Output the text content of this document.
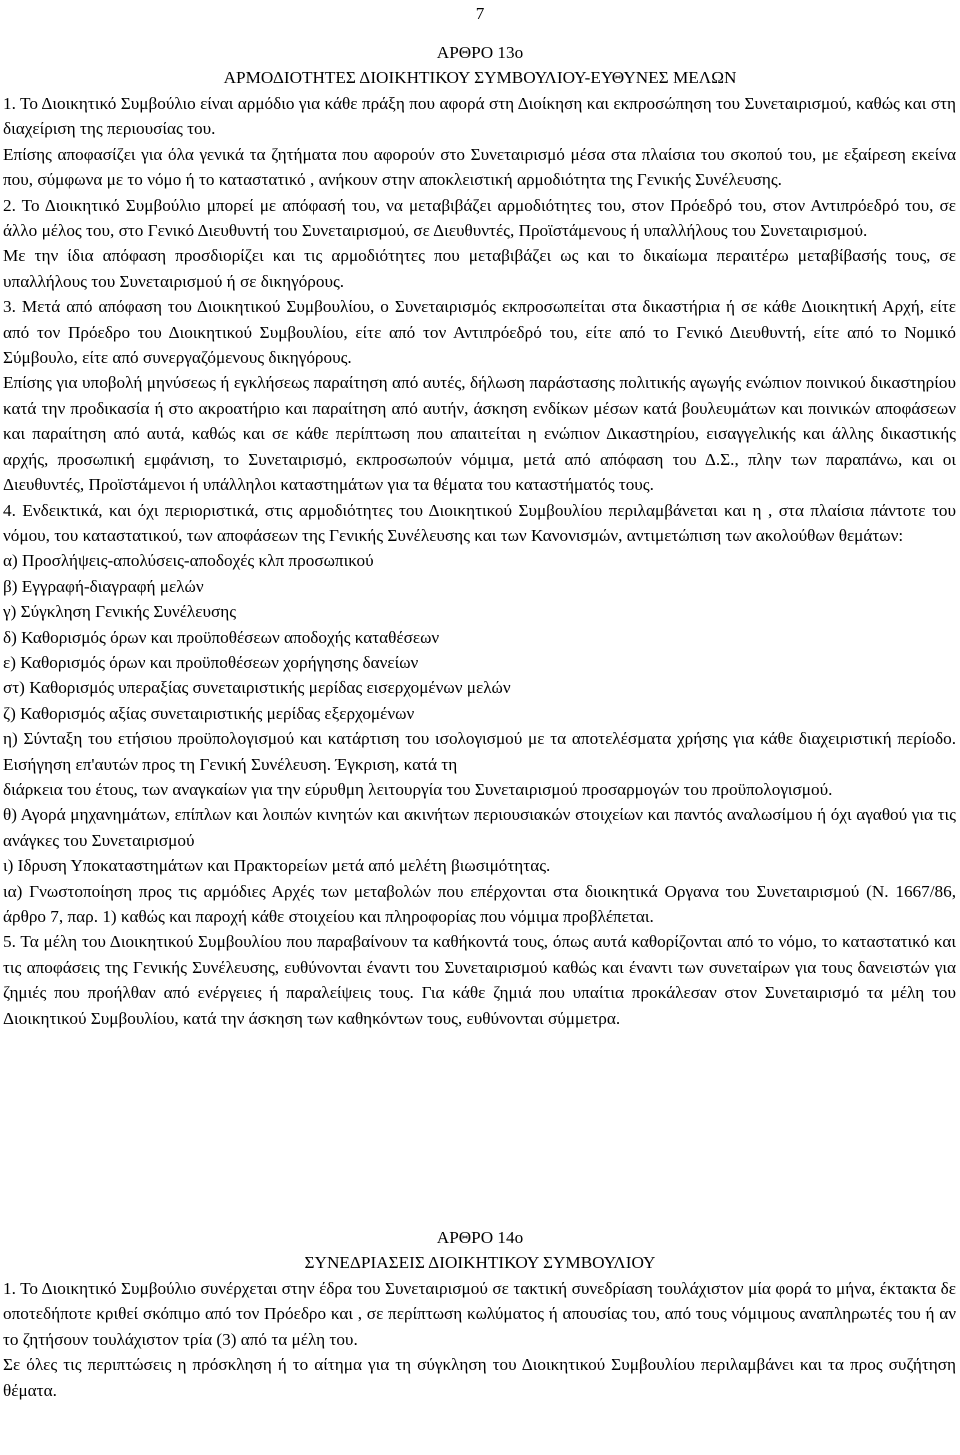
7

ΑΡΘΡΟ 13ο

ΑΡΜΟΔΙΟΤΗΤΕΣ ΔΙΟΙΚΗΤΙΚΟΥ ΣΥΜΒΟΥΛΙΟΥ-ΕΥΘΥΝΕΣ ΜΕΛΩΝ

1. Το Διοικητικό Συμβούλιο είναι αρμόδιο για κάθε πράξη που αφορά στη Διοίκηση και εκπροσώπηση του Συνεταιρισμού, καθώς και στη διαχείριση της περιουσίας του.

Επίσης αποφασίζει για όλα γενικά τα ζητήματα που αφορούν στο Συνεταιρισμό μέσα στα πλαίσια του σκοπού του, με εξαίρεση εκείνα που, σύμφωνα με το νόμο ή το καταστατικό , ανήκουν στην αποκλειστική αρμοδιότητα της Γενικής Συνέλευσης.

2. Το Διοικητικό Συμβούλιο μπορεί με απόφασή του, να μεταβιβάζει αρμοδιότητες του, στον Πρόεδρό του, στον Αντιπρόεδρό του, σε άλλο μέλος του, στο Γενικό Διευθυντή του Συνεταιρισμού, σε Διευθυντές, Προϊστάμενους ή υπαλλήλους του Συνεταιρισμού.

Με την ίδια απόφαση προσδιορίζει και τις αρμοδιότητες που μεταβιβάζει ως και το δικαίωμα περαιτέρω μεταβίβασής τους, σε υπαλλήλους του Συνεταιρισμού ή σε δικηγόρους.

3. Μετά από απόφαση του Διοικητικού Συμβουλίου, ο Συνεταιρισμός εκπροσωπείται στα δικαστήρια ή σε κάθε Διοικητική Αρχή, είτε από τον Πρόεδρο του Διοικητικού Συμβουλίου, είτε από τον Αντιπρόεδρό του, είτε από το Γενικό Διευθυντή, είτε από το Νομικό Σύμβουλο, είτε από συνεργαζόμενους δικηγόρους.

Επίσης για υποβολή μηνύσεως ή εγκλήσεως παραίτηση από αυτές, δήλωση παράστασης πολιτικής αγωγής ενώπιον ποινικού δικαστηρίου κατά την προδικασία ή στο ακροατήριο και παραίτηση από αυτήν, άσκηση ενδίκων μέσων κατά βουλευμάτων και ποινικών αποφάσεων και παραίτηση από αυτά, καθώς και σε κάθε περίπτωση που απαιτείται η ενώπιον Δικαστηρίου, εισαγγελικής και άλλης δικαστικής αρχής, προσωπική εμφάνιση, το Συνεταιρισμό, εκπροσωπούν νόμιμα, μετά από απόφαση του Δ.Σ., πλην των παραπάνω, και οι Διευθυντές, Προϊστάμενοι ή υπάλληλοι καταστημάτων για τα θέματα του καταστήματός τους.

4. Ενδεικτικά, και όχι περιοριστικά, στις αρμοδιότητες του Διοικητικού Συμβουλίου περιλαμβάνεται και η , στα πλαίσια πάντοτε του νόμου, του καταστατικού, των αποφάσεων της Γενικής Συνέλευσης και των Κανονισμών, αντιμετώπιση των ακολούθων θεμάτων:

α) Προσλήψεις-απολύσεις-αποδοχές κλπ προσωπικού

β) Εγγραφή-διαγραφή μελών

γ) Σύγκληση Γενικής Συνέλευσης

δ) Καθορισμός όρων και προϋποθέσεων αποδοχής καταθέσεων

ε) Καθορισμός όρων και προϋποθέσεων χορήγησης δανείων

στ) Καθορισμός υπεραξίας συνεταιριστικής μερίδας εισερχομένων μελών

ζ) Καθορισμός αξίας συνεταιριστικής μερίδας εξερχομένων

η) Σύνταξη του ετήσιου προϋπολογισμού και κατάρτιση του ισολογισμού με τα αποτελέσματα χρήσης για κάθε διαχειριστική περίοδο. Εισήγηση επ'αυτών προς τη Γενική Συνέλευση. Έγκριση, κατά τη

διάρκεια του έτους, των αναγκαίων για την εύρυθμη λειτουργία του Συνεταιρισμού προσαρμογών του προϋπολογισμού.

θ) Αγορά μηχανημάτων, επίπλων και λοιπών κινητών και ακινήτων περιουσιακών στοιχείων και παντός αναλωσίμου ή όχι αγαθού για τις ανάγκες του Συνεταιρισμού

ι) Ιδρυση Υποκαταστημάτων και Πρακτορείων μετά από μελέτη βιωσιμότητας.

ια) Γνωστοποίηση προς τις αρμόδιες Αρχές των μεταβολών που επέρχονται στα διοικητικά Οργανα του Συνεταιρισμού (Ν. 1667/86, άρθρο 7, παρ. 1) καθώς και παροχή κάθε στοιχείου και πληροφορίας που νόμιμα προβλέπεται.

5. Τα μέλη του Διοικητικού Συμβουλίου που παραβαίνουν τα καθήκοντά τους, όπως αυτά καθορίζονται από το νόμο, το καταστατικό και τις αποφάσεις της Γενικής Συνέλευσης, ευθύνονται έναντι του Συνεταιρισμού καθώς και έναντι των συνεταίρων για τους δανειστών για ζημιές που προήλθαν από ενέργειες ή παραλείψεις τους. Για κάθε ζημιά που υπαίτια προκάλεσαν στον Συνεταιρισμό τα μέλη του Διοικητικού Συμβουλίου, κατά την άσκηση των καθηκόντων τους, ευθύνονται σύμμετρα.

ΑΡΘΡΟ 14ο

ΣΥΝΕΔΡΙΑΣΕΙΣ ΔΙΟΙΚΗΤΙΚΟΥ ΣΥΜΒΟΥΛΙΟΥ

1. Το Διοικητικό Συμβούλιο συνέρχεται στην έδρα του Συνεταιρισμού σε τακτική συνεδρίαση τουλάχιστον μία φορά το μήνα, έκτακτα δε οποτεδήποτε κριθεί σκόπιμο από τον Πρόεδρο και , σε περίπτωση κωλύματος ή απουσίας του, από τους νόμιμους αναπληρωτές του ή αν το ζητήσουν τουλάχιστον τρία (3) από τα μέλη του.

Σε όλες τις περιπτώσεις η πρόσκληση ή το αίτημα για τη σύγκληση του Διοικητικού Συμβουλίου περιλαμβάνει και τα προς συζήτηση θέματα.
